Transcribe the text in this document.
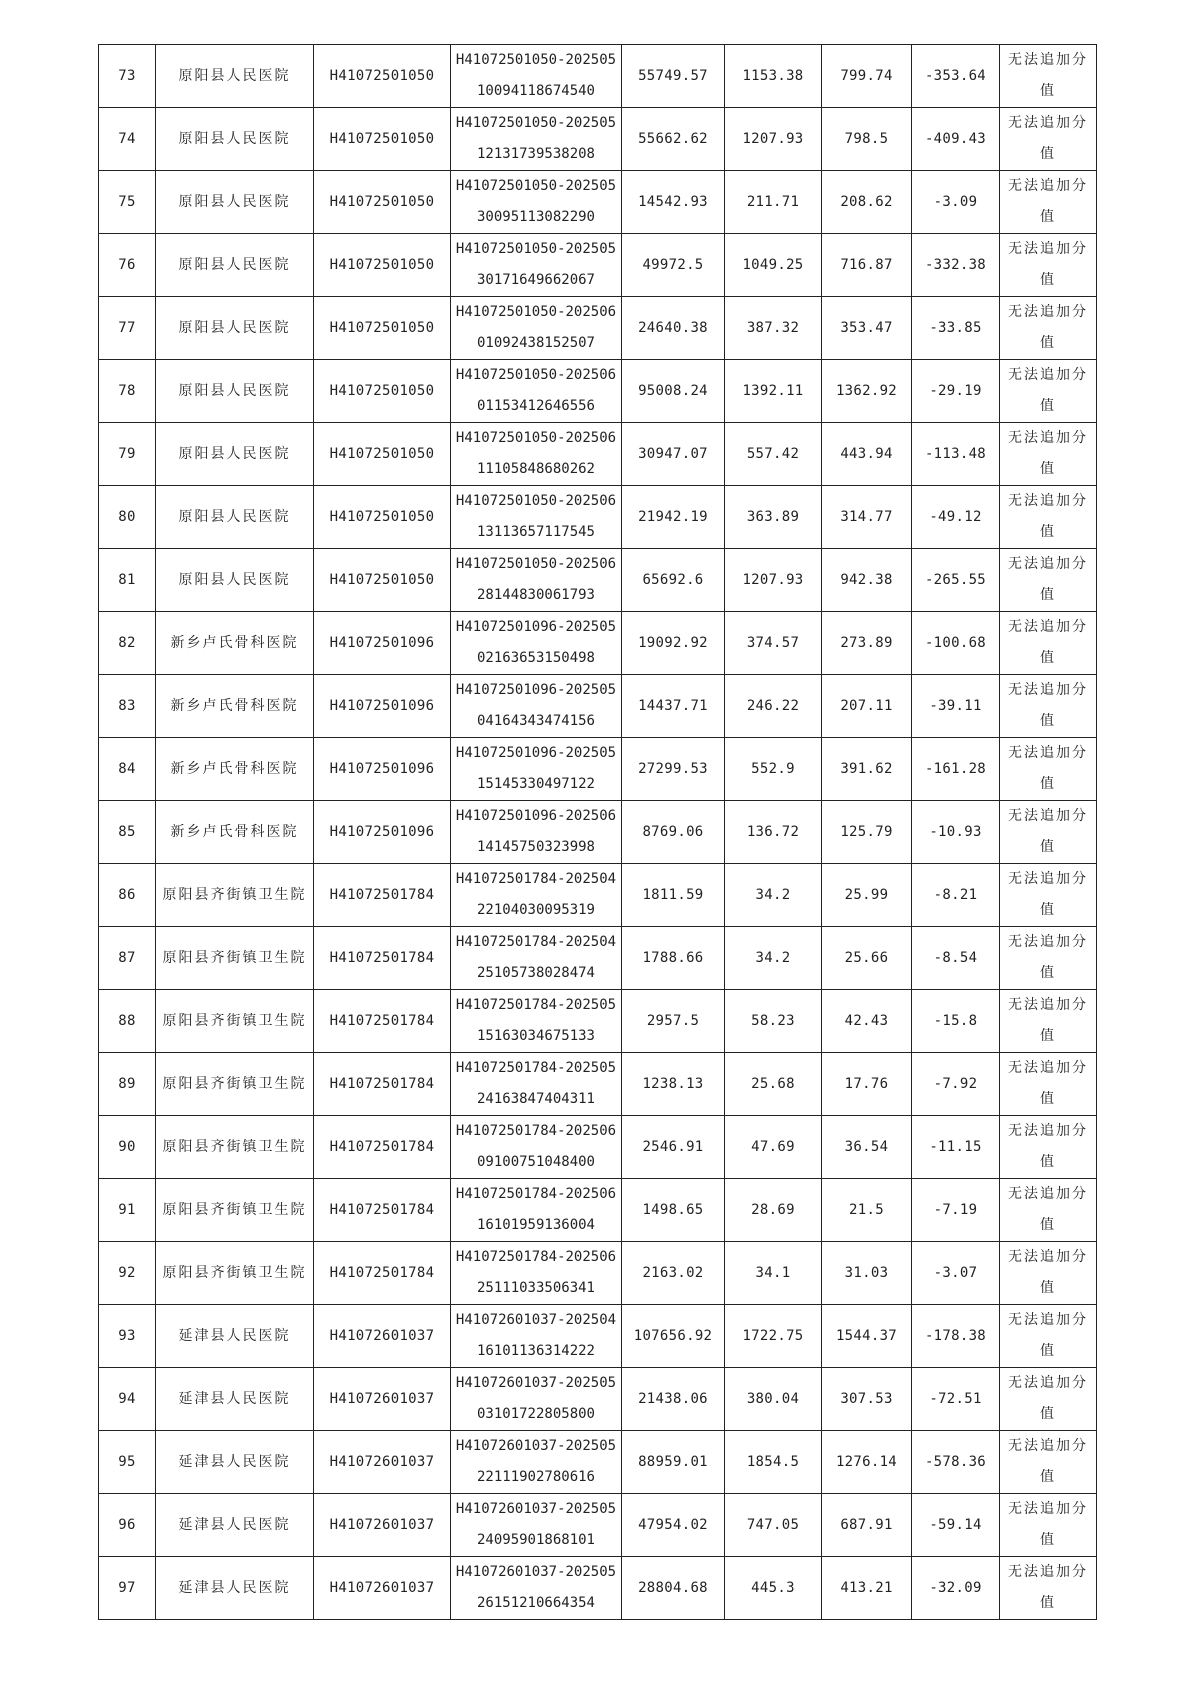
73	原阳县人民医院	H41072501050	H41072501050-20250510094118674540	55749.57	1153.38	799.74	-353.64	无法追加分值
74	原阳县人民医院	H41072501050	H41072501050-20250512131739538208	55662.62	1207.93	798.5	-409.43	无法追加分值
75	原阳县人民医院	H41072501050	H41072501050-20250530095113082290	14542.93	211.71	208.62	-3.09	无法追加分值
76	原阳县人民医院	H41072501050	H41072501050-20250530171649662067	49972.5	1049.25	716.87	-332.38	无法追加分值
77	原阳县人民医院	H41072501050	H41072501050-20250601092438152507	24640.38	387.32	353.47	-33.85	无法追加分值
78	原阳县人民医院	H41072501050	H41072501050-20250601153412646556	95008.24	1392.11	1362.92	-29.19	无法追加分值
79	原阳县人民医院	H41072501050	H41072501050-20250611105848680262	30947.07	557.42	443.94	-113.48	无法追加分值
80	原阳县人民医院	H41072501050	H41072501050-20250613113657117545	21942.19	363.89	314.77	-49.12	无法追加分值
81	原阳县人民医院	H41072501050	H41072501050-20250628144830061793	65692.6	1207.93	942.38	-265.55	无法追加分值
82	新乡卢氏骨科医院	H41072501096	H41072501096-20250502163653150498	19092.92	374.57	273.89	-100.68	无法追加分值
83	新乡卢氏骨科医院	H41072501096	H41072501096-20250504164343474156	14437.71	246.22	207.11	-39.11	无法追加分值
84	新乡卢氏骨科医院	H41072501096	H41072501096-20250515145330497122	27299.53	552.9	391.62	-161.28	无法追加分值
85	新乡卢氏骨科医院	H41072501096	H41072501096-20250614145750323998	8769.06	136.72	125.79	-10.93	无法追加分值
86	原阳县齐街镇卫生院	H41072501784	H41072501784-20250422104030095319	1811.59	34.2	25.99	-8.21	无法追加分值
87	原阳县齐街镇卫生院	H41072501784	H41072501784-20250425105738028474	1788.66	34.2	25.66	-8.54	无法追加分值
88	原阳县齐街镇卫生院	H41072501784	H41072501784-20250515163034675133	2957.5	58.23	42.43	-15.8	无法追加分值
89	原阳县齐街镇卫生院	H41072501784	H41072501784-20250524163847404311	1238.13	25.68	17.76	-7.92	无法追加分值
90	原阳县齐街镇卫生院	H41072501784	H41072501784-20250609100751048400	2546.91	47.69	36.54	-11.15	无法追加分值
91	原阳县齐街镇卫生院	H41072501784	H41072501784-20250616101959136004	1498.65	28.69	21.5	-7.19	无法追加分值
92	原阳县齐街镇卫生院	H41072501784	H41072501784-20250625111033506341	2163.02	34.1	31.03	-3.07	无法追加分值
93	延津县人民医院	H41072601037	H41072601037-20250416101136314222	107656.92	1722.75	1544.37	-178.38	无法追加分值
94	延津县人民医院	H41072601037	H41072601037-20250503101722805800	21438.06	380.04	307.53	-72.51	无法追加分值
95	延津县人民医院	H41072601037	H41072601037-20250522111902780616	88959.01	1854.5	1276.14	-578.36	无法追加分值
96	延津县人民医院	H41072601037	H41072601037-20250524095901868101	47954.02	747.05	687.91	-59.14	无法追加分值
97	延津县人民医院	H41072601037	H41072601037-20250526151210664354	28804.68	445.3	413.21	-32.09	无法追加分值
